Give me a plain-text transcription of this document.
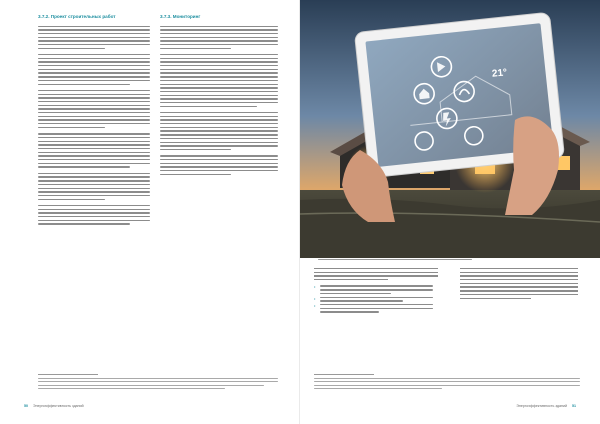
3.7.2. Проект строительных работ	3.7.3. Мониторинг
50 Энергоэффективность зданий
21°
•
•
•
Энергоэффективность зданий 51
